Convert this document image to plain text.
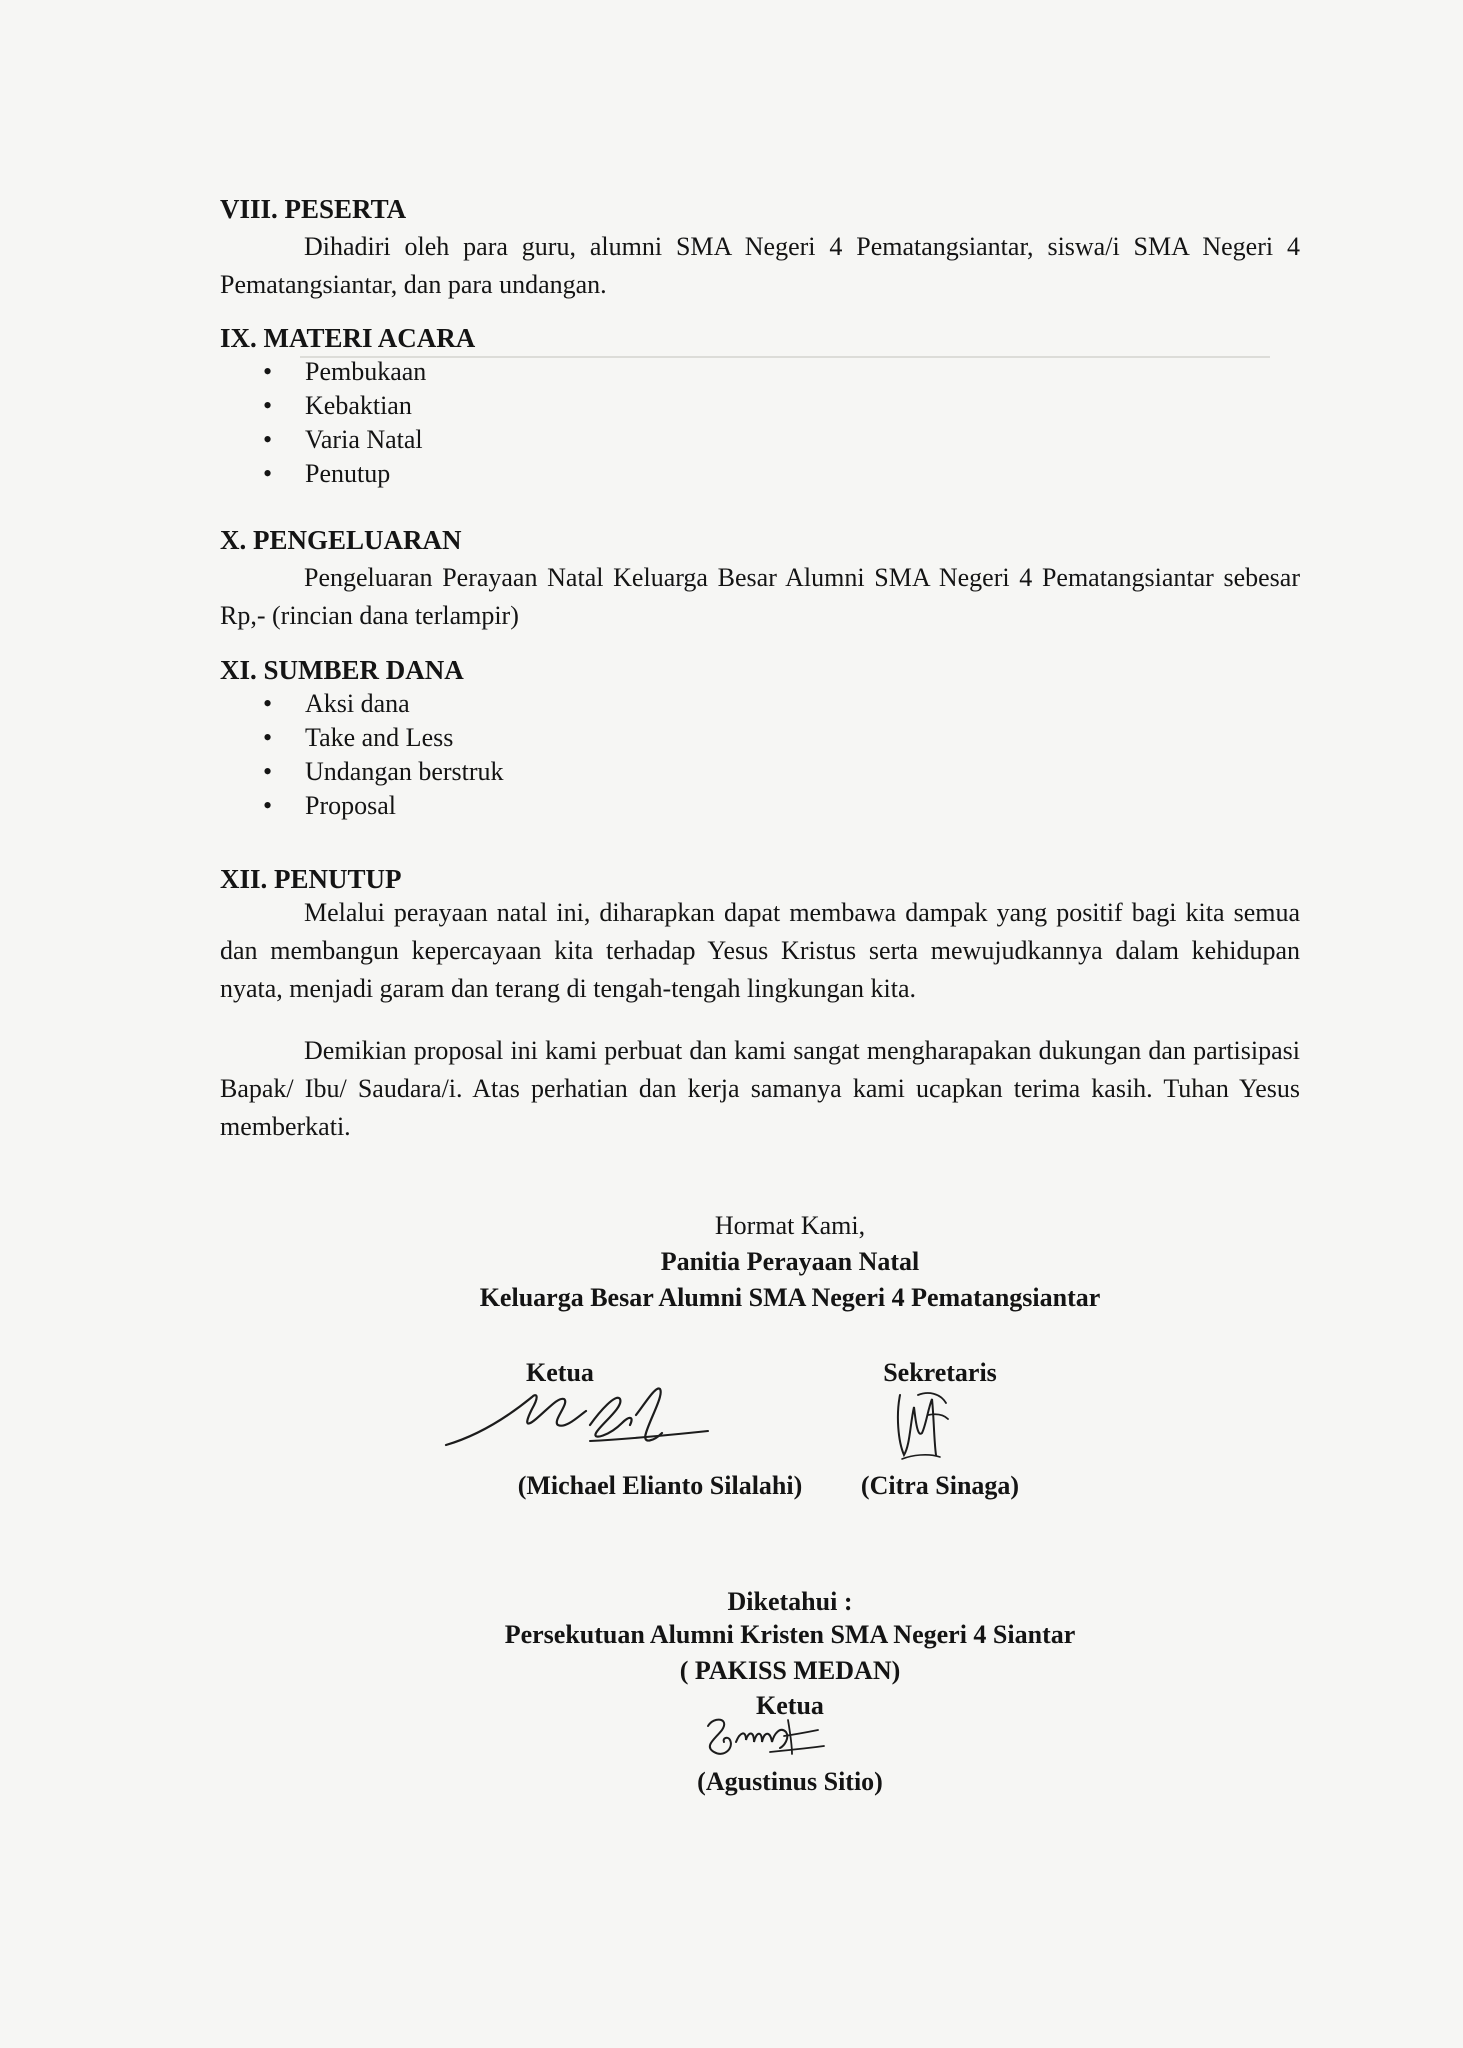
VIII. PESERTA
Dihadiri oleh para guru, alumni SMA Negeri 4 Pematangsiantar, siswa/i SMA Negeri 4 Pematangsiantar, dan para undangan.
IX. MATERI ACARA
• Pembukaan
• Kebaktian
• Varia Natal
• Penutup
X. PENGELUARAN
Pengeluaran Perayaan Natal Keluarga Besar Alumni SMA Negeri 4 Pematangsiantar sebesar Rp,- (rincian dana terlampir)
XI. SUMBER DANA
• Aksi dana
• Take and Less
• Undangan berstruk
• Proposal
XII. PENUTUP
Melalui perayaan natal ini, diharapkan dapat membawa dampak yang positif bagi kita semua dan membangun kepercayaan kita terhadap Yesus Kristus serta mewujudkannya dalam kehidupan nyata, menjadi garam dan terang di tengah-tengah lingkungan kita.
Demikian proposal ini kami perbuat dan kami sangat mengharapakan dukungan dan partisipasi Bapak/ Ibu/ Saudara/i. Atas perhatian dan kerja samanya kami ucapkan terima kasih. Tuhan Yesus memberkati.
Hormat Kami,
Panitia Perayaan Natal
Keluarga Besar Alumni SMA Negeri 4 Pematangsiantar
Ketua	Sekretaris
(Michael Elianto Silalahi)	(Citra Sinaga)
Diketahui :
Persekutuan Alumni Kristen SMA Negeri 4 Siantar
( PAKISS MEDAN)
Ketua
(Agustinus Sitio)
